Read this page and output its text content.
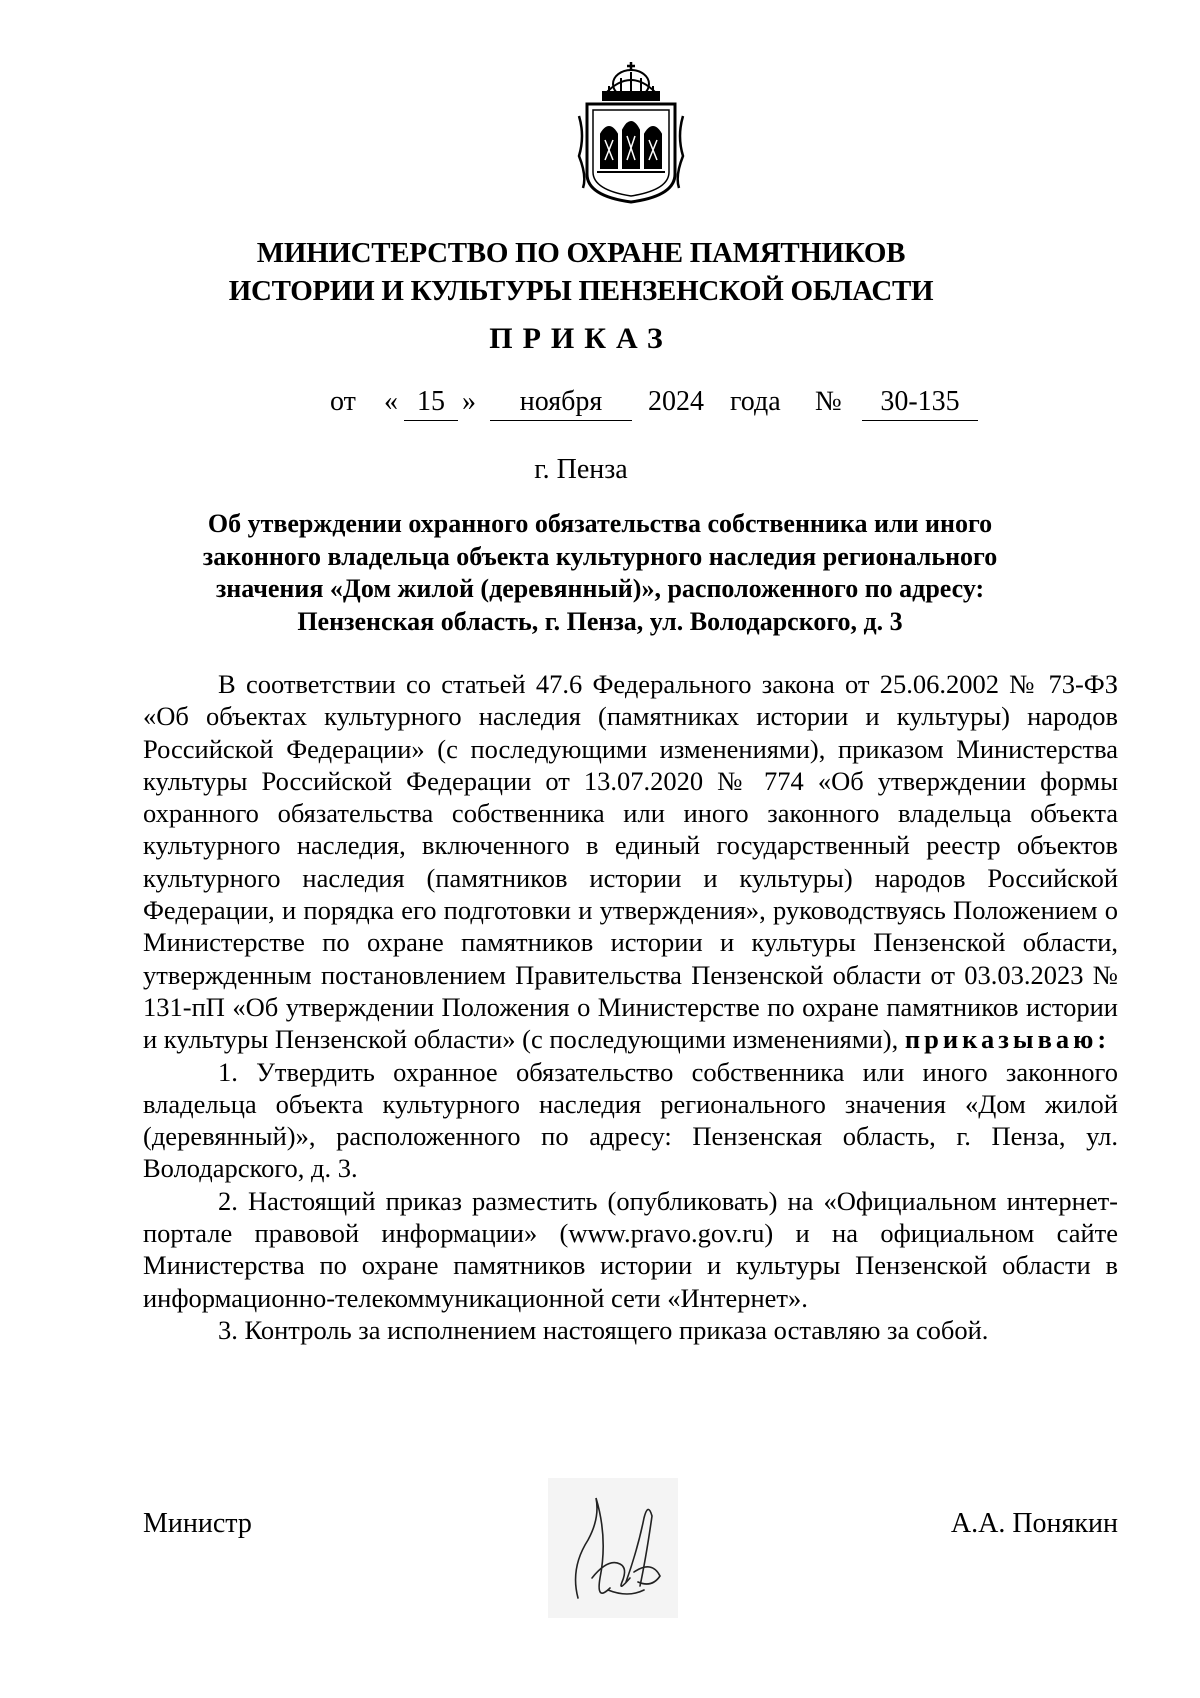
МИНИСТЕРСТВО ПО ОХРАНЕ ПАМЯТНИКОВ
ИСТОРИИ И КУЛЬТУРЫ ПЕНЗЕНСКОЙ ОБЛАСТИ
ПРИКАЗ
от « 15 »	ноября	2024 года №	30-135
г. Пенза
Об утверждении охранного обязательства собственника или иного
законного владельца объекта культурного наследия регионального
значения «Дом жилой (деревянный)», расположенного по адресу:
Пензенская область, г. Пенза, ул. Володарского, д. 3

В соответствии со статьей 47.6 Федерального закона от 25.06.2002 № 73-ФЗ «Об объектах культурного наследия (памятниках истории и культуры) народов Российской Федерации» (с последующими изменениями), приказом Министерства культуры Российской Федерации от 13.07.2020 № 774 «Об утверждении формы охранного обязательства собственника или иного законного владельца объекта культурного наследия, включенного в единый государственный реестр объектов культурного наследия (памятников истории и культуры) народов Российской Федерации, и порядка его подготовки и утверждения», руководствуясь Положением о Министерстве по охране памятников истории и культуры Пензенской области, утвержденным постановлением Правительства Пензенской области от 03.03.2023 № 131-пП «Об утверждении Положения о Министерстве по охране памятников истории и культуры Пензенской области» (с последующими изменениями), приказываю:

1. Утвердить охранное обязательство собственника или иного законного владельца объекта культурного наследия регионального значения «Дом жилой (деревянный)», расположенного по адресу: Пензенская область, г. Пенза, ул. Володарского, д. 3.

2. Настоящий приказ разместить (опубликовать) на «Официальном интернет-портале правовой информации» (www.pravo.gov.ru) и на официальном сайте Министерства по охране памятников истории и культуры Пензенской области в информационно-телекоммуникационной сети «Интернет».

3. Контроль за исполнением настоящего приказа оставляю за собой.

Министр	А.А. Понякин
